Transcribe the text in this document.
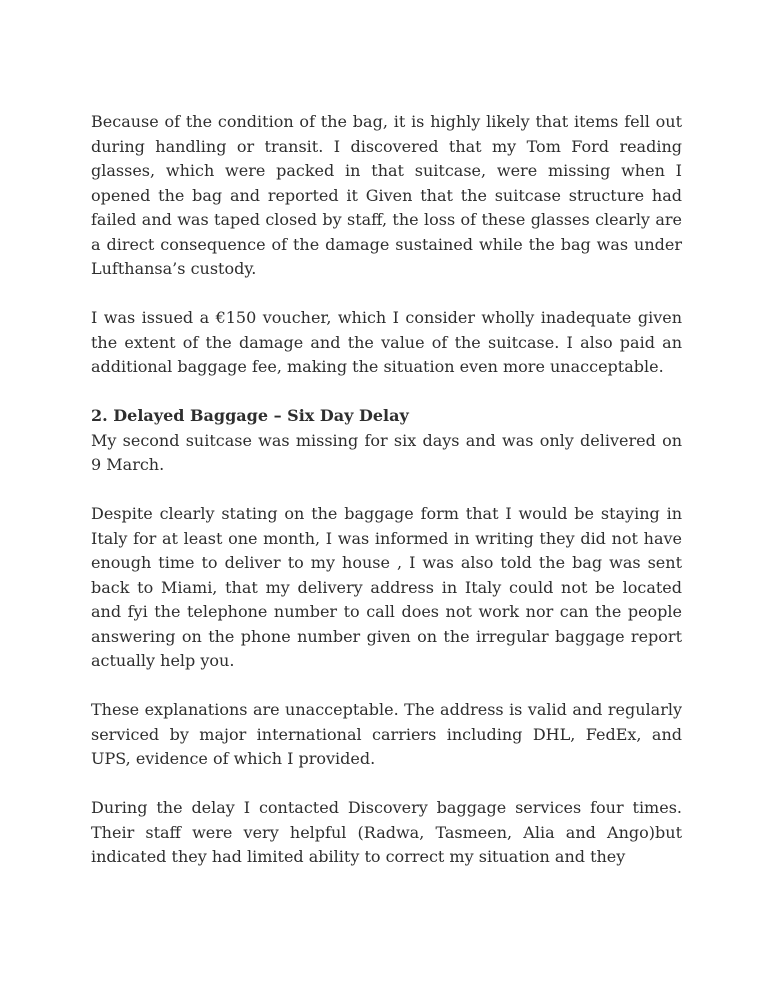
Because of the condition of the bag, it is highly likely that items fell out during handling or transit. I discovered that my Tom Ford reading glasses, which were packed in that suitcase, were missing when I opened the bag and reported it Given that the suitcase structure had failed and was taped closed by staff, the loss of these glasses clearly are a direct consequence of the damage sustained while the bag was under Lufthansa’s custody.

I was issued a €150 voucher, which I consider wholly inadequate given the extent of the damage and the value of the suitcase. I also paid an additional baggage fee, making the situation even more unacceptable.

2. Delayed Baggage – Six Day Delay

My second suitcase was missing for six days and was only delivered on 9 March.

Despite clearly stating on the baggage form that I would be staying in Italy for at least one month, I was informed in writing they did not have enough time to deliver to my house , I was also told the bag was sent back to Miami, that my delivery address in Italy could not be located and fyi the telephone number to call does not work nor can the people answering on the phone number given on the irregular baggage report actually help you.

These explanations are unacceptable. The address is valid and regularly serviced by major international carriers including DHL, FedEx, and UPS, evidence of which I provided.

During the delay I contacted Discovery baggage services four times. Their staff were very helpful (Radwa, Tasmeen, Alia and Ango)but indicated they had limited ability to correct my situation and they
